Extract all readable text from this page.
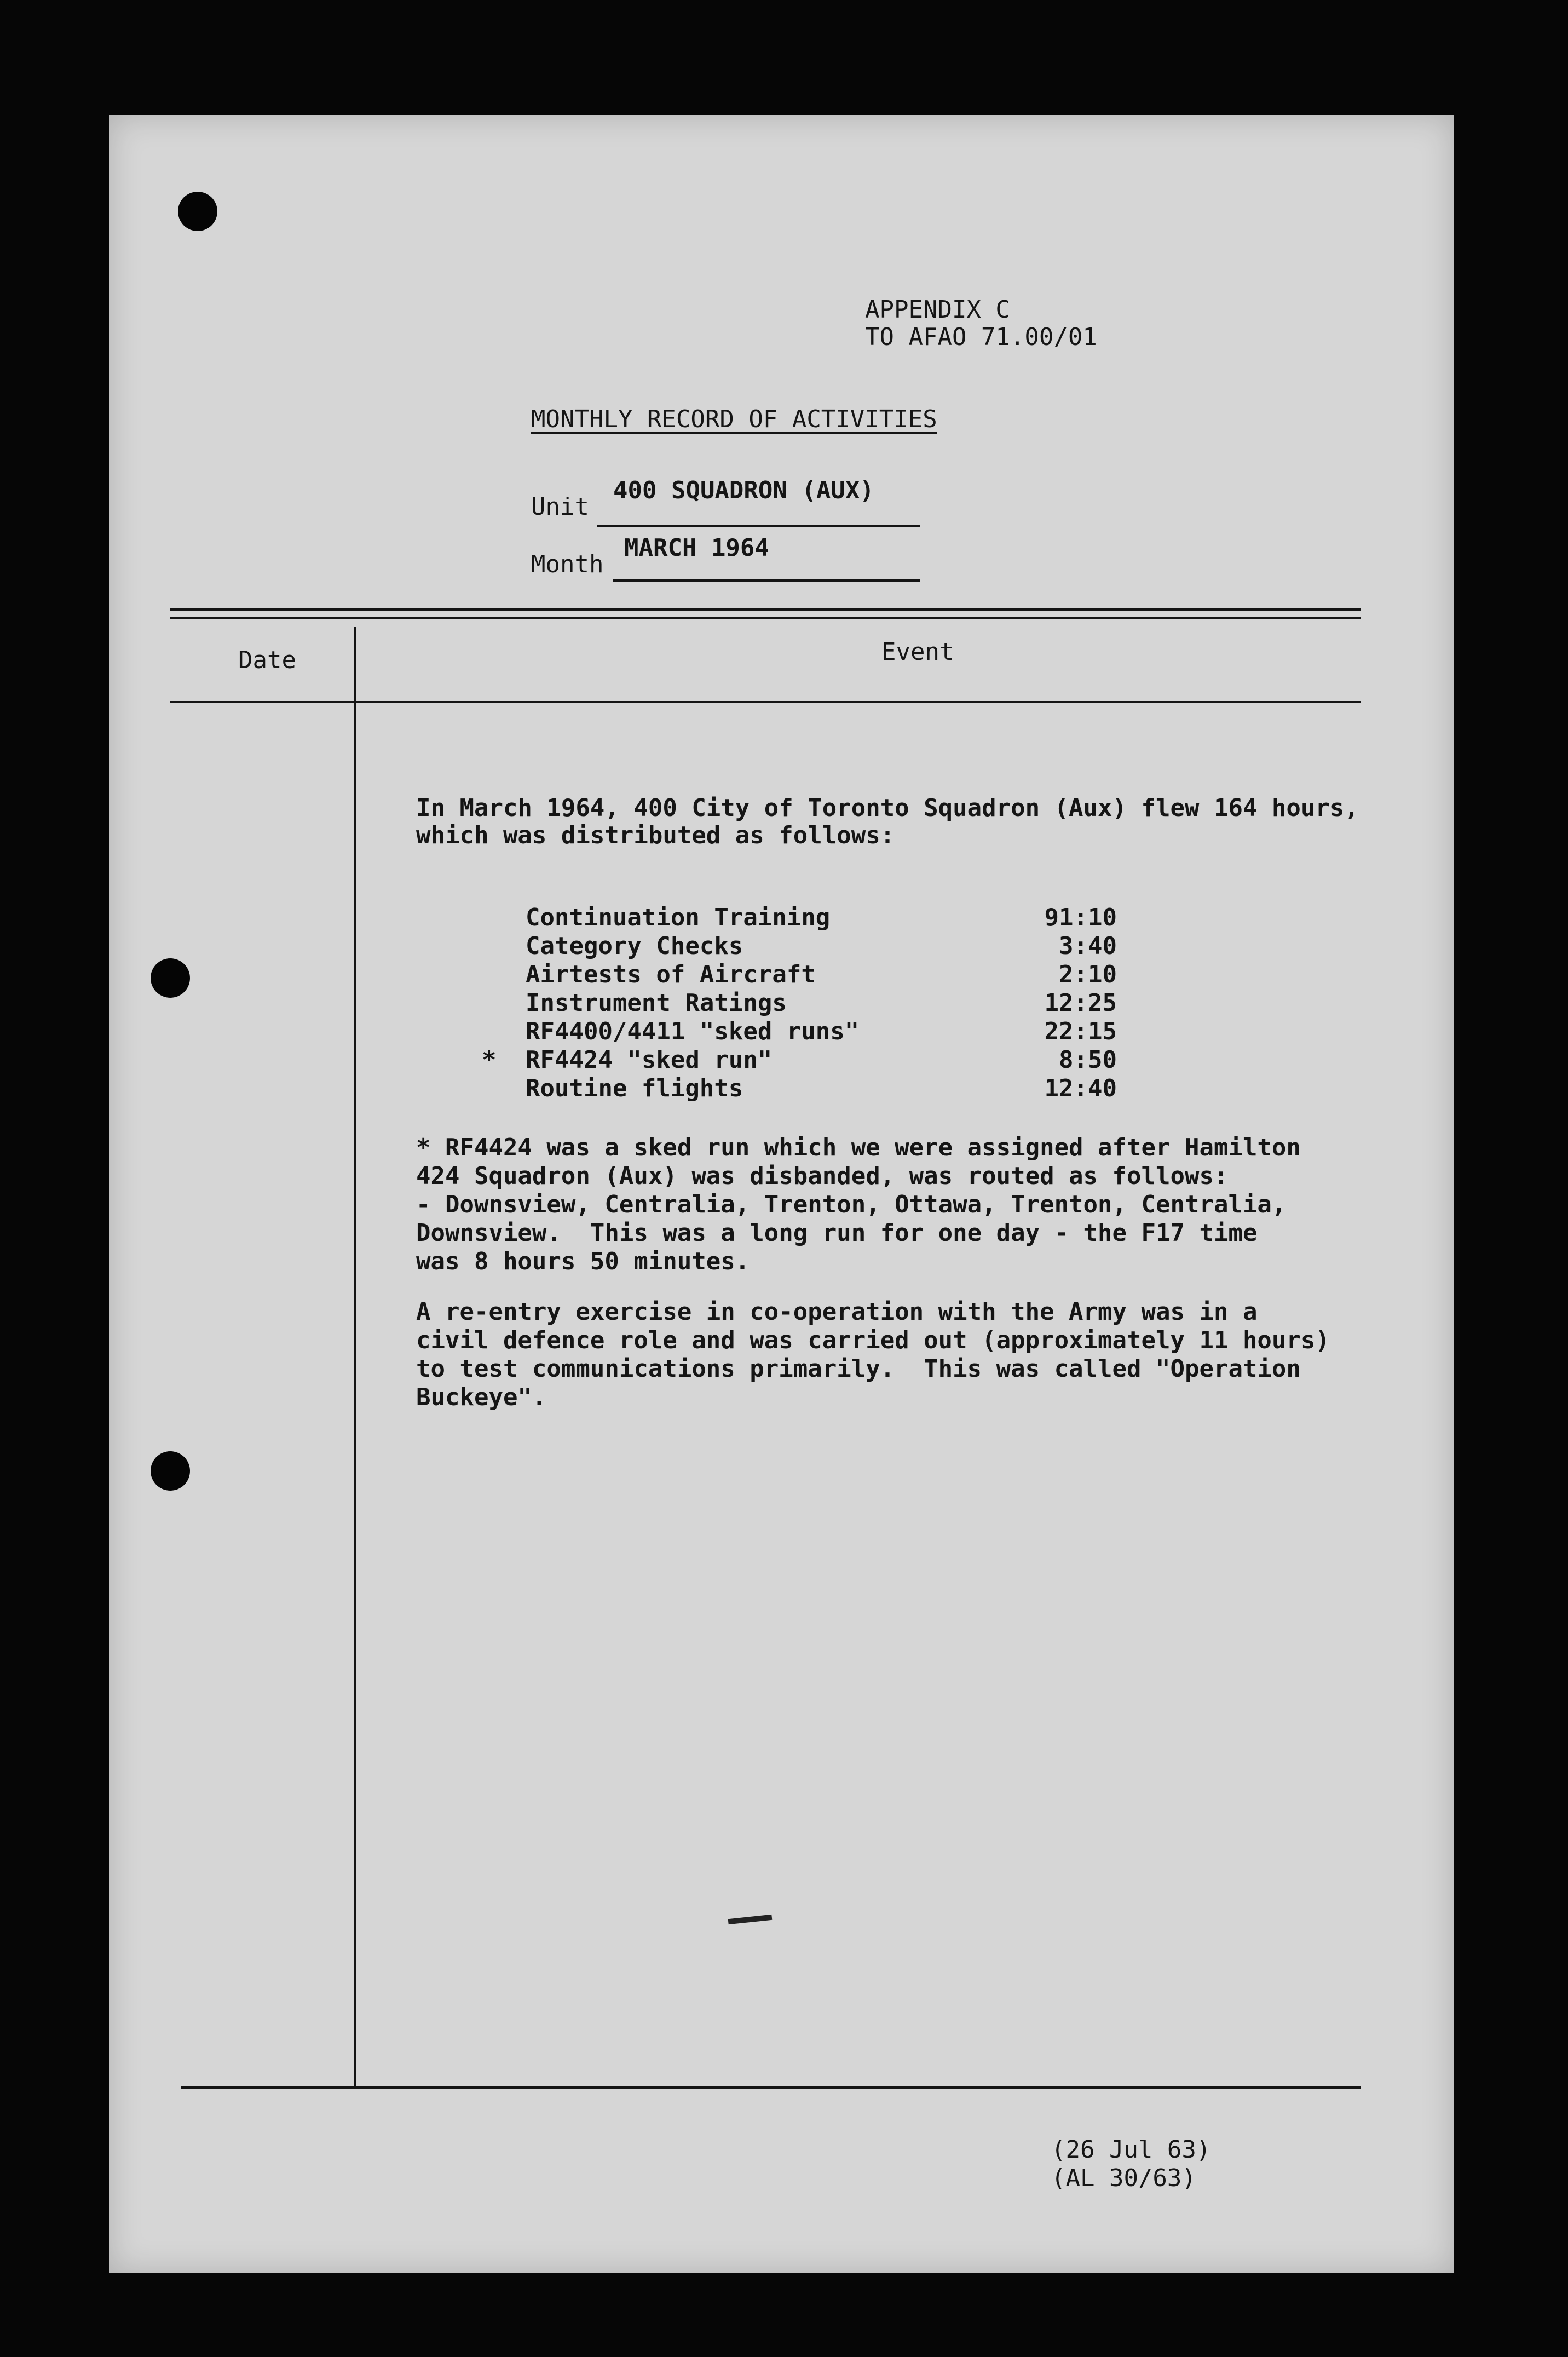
APPENDIX C
TO AFAO 71.00/01
MONTHLY RECORD OF ACTIVITIES
Unit
400 SQUADRON (AUX)
Month
MARCH 1964
Date	Event
In March 1964, 400 City of Toronto Squadron (Aux) flew 164 hours,
which was distributed as follows:
Continuation Training	91:10
Category Checks	3:40
Airtests of Aircraft	2:10
Instrument Ratings	12:25
RF4400/4411 "sked runs"	22:15
* RF4424 "sked run"	8:50
Routine flights	12:40
* RF4424 was a sked run which we were assigned after Hamilton
424 Squadron (Aux) was disbanded, was routed as follows:
- Downsview, Centralia, Trenton, Ottawa, Trenton, Centralia,
Downsview.  This was a long run for one day - the F17 time
was 8 hours 50 minutes.
A re-entry exercise in co-operation with the Army was in a
civil defence role and was carried out (approximately 11 hours)
to test communications primarily.  This was called "Operation
Buckeye".
(26 Jul 63)
(AL 30/63)
